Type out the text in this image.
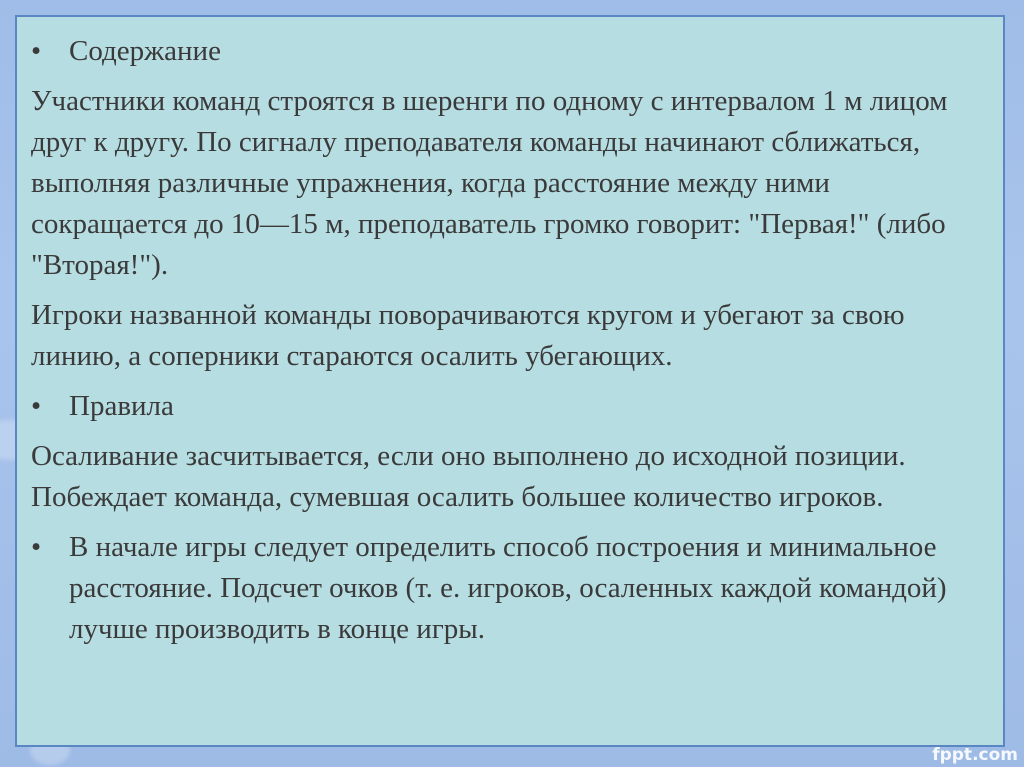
• Содержание
Участники команд строятся в шеренги по одному с интервалом 1 м лицом друг к другу. По сигналу преподавателя команды начинают сближаться, выполняя различные упражнения, когда расстояние между ними сокращается до 10—15 м, преподаватель громко говорит: "Первая!" (либо "Вторая!").
Игроки названной команды поворачиваются кругом и убегают за свою линию, а соперники стараются осалить убегающих.
• Правила
Осаливание засчитывается, если оно выполнено до исходной позиции. Побеждает команда, сумевшая осалить большее количество игроков.
• В начале игры следует определить способ построения и минимальное расстояние. Подсчет очков (т. е. игроков, осаленных каждой командой) лучше производить в конце игры.
fppt.com
